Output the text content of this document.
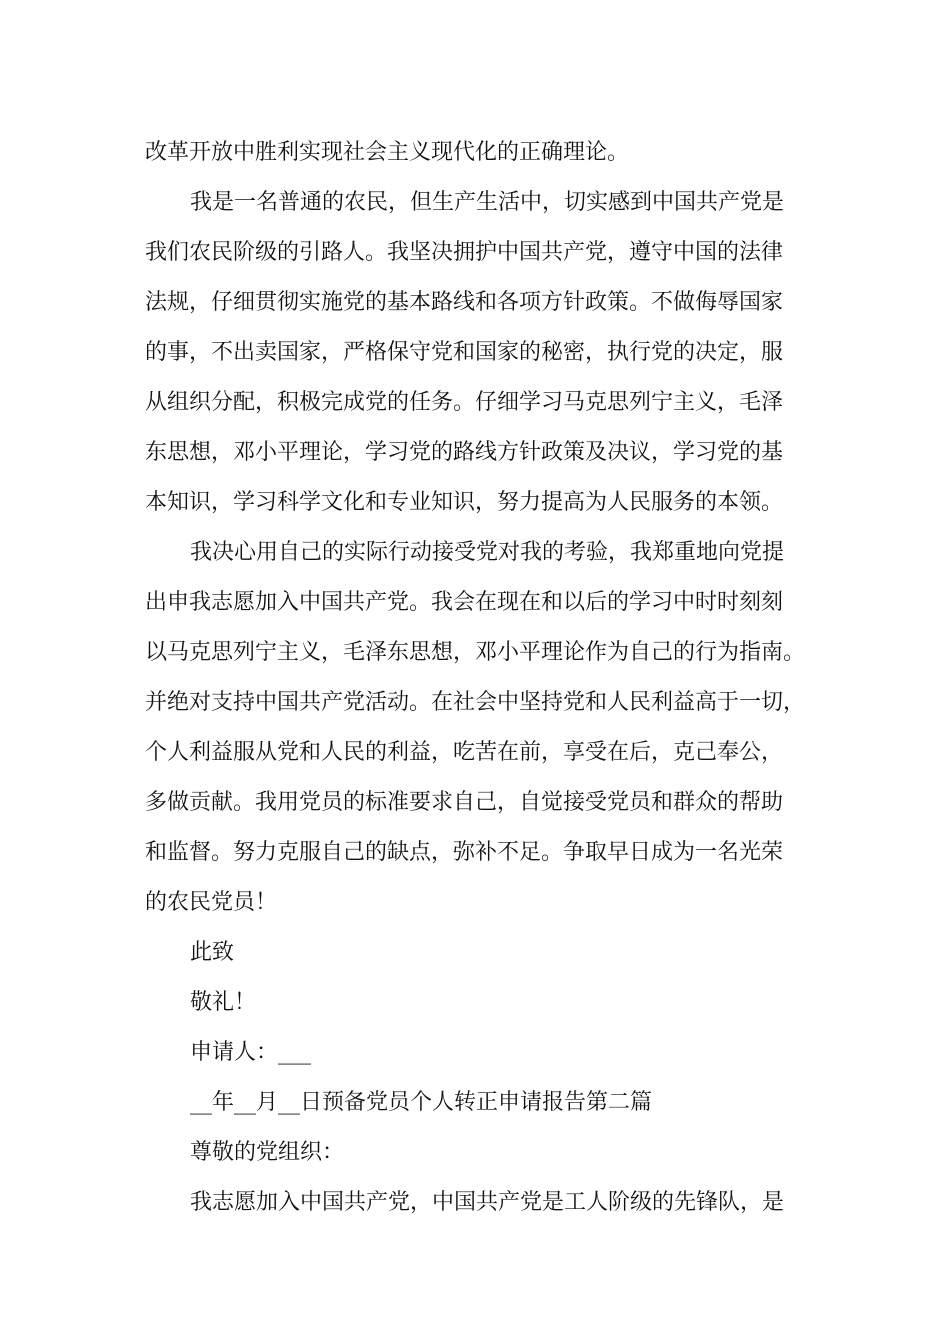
改革开放中胜利实现社会主义现代化的正确理论。
我是一名普通的农民，但生产生活中，切实感到中国共产党是
我们农民阶级的引路人。我坚决拥护中国共产党，遵守中国的法律
法规，仔细贯彻实施党的基本路线和各项方针政策。不做侮辱国家
的事，不出卖国家，严格保守党和国家的秘密，执行党的决定，服
从组织分配，积极完成党的任务。仔细学习马克思列宁主义，毛泽
东思想，邓小平理论，学习党的路线方针政策及决议，学习党的基
本知识，学习科学文化和专业知识，努力提高为人民服务的本领。
我决心用自己的实际行动接受党对我的考验，我郑重地向党提
出申我志愿加入中国共产党。我会在现在和以后的学习中时时刻刻
以马克思列宁主义，毛泽东思想，邓小平理论作为自己的行为指南。
并绝对支持中国共产党活动。在社会中坚持党和人民利益高于一切，
个人利益服从党和人民的利益，吃苦在前，享受在后，克己奉公，
多做贡献。我用党员的标准要求自己，自觉接受党员和群众的帮助
和监督。努力克服自己的缺点，弥补不足。争取早日成为一名光荣
的农民党员！
此致
敬礼！
申请人：___
__年__月__日预备党员个人转正申请报告第二篇
尊敬的党组织：
我志愿加入中国共产党，中国共产党是工人阶级的先锋队，是
